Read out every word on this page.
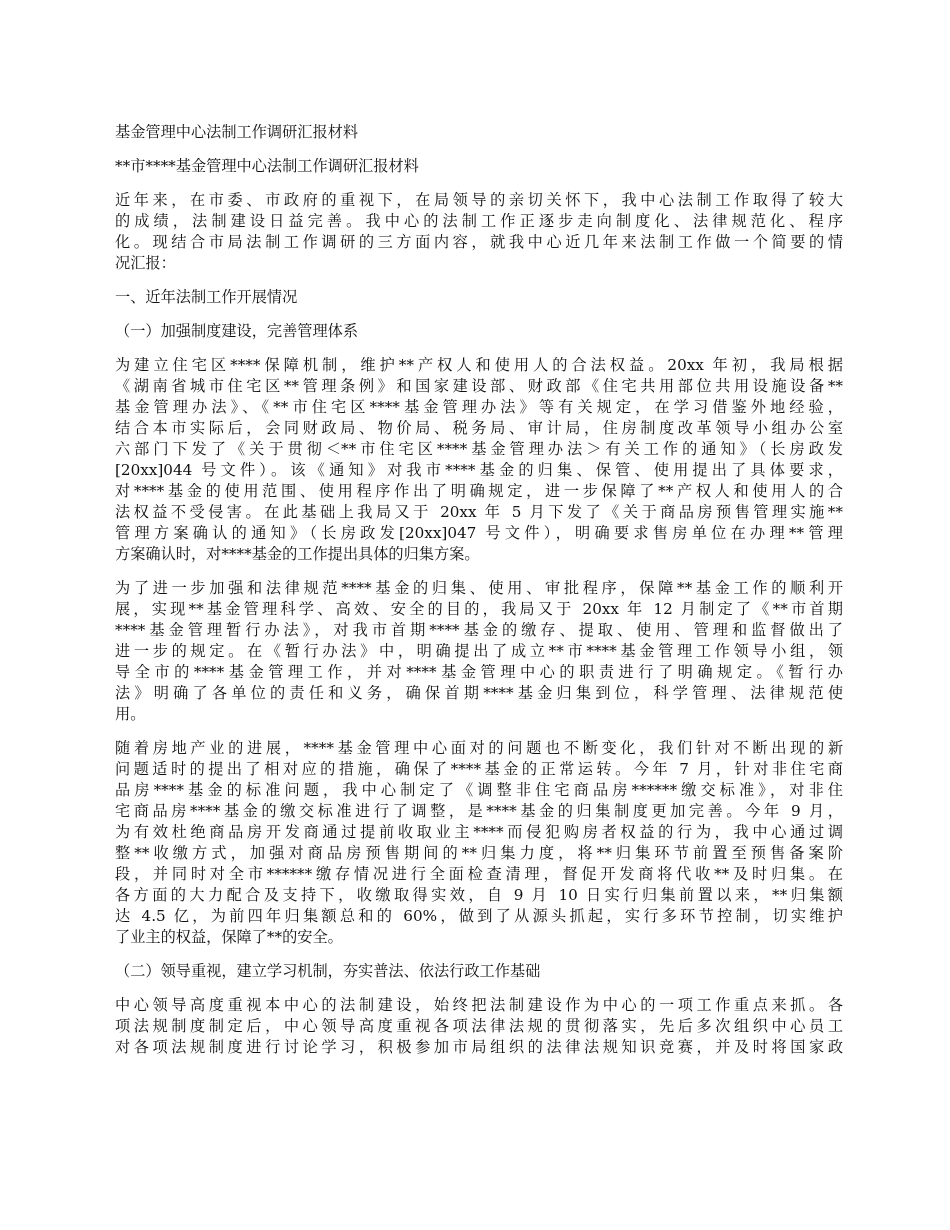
基金管理中心法制工作调研汇报材料
**市****基金管理中心法制工作调研汇报材料
近年来，在市委、市政府的重视下，在局领导的亲切关怀下，我中心法制工作取得了较大
的成绩，法制建设日益完善。我中心的法制工作正逐步走向制度化、法律规范化、程序
化。现结合市局法制工作调研的三方面内容，就我中心近几年来法制工作做一个简要的情
况汇报：
一、近年法制工作开展情况
（一）加强制度建设，完善管理体系
为建立住宅区****保障机制，维护**产权人和使用人的合法权益。20xx 年初，我局根据
《湖南省城市住宅区**管理条例》和国家建设部、财政部《住宅共用部位共用设施设备**
基金管理办法》、《**市住宅区****基金管理办法》等有关规定，在学习借鉴外地经验，
结合本市实际后，会同财政局、物价局、税务局、审计局，住房制度改革领导小组办公室
六部门下发了《关于贯彻＜**市住宅区****基金管理办法＞有关工作的通知》（长房政发
[20xx]044 号文件）。该《通知》对我市****基金的归集、保管、使用提出了具体要求，
对****基金的使用范围、使用程序作出了明确规定，进一步保障了**产权人和使用人的合
法权益不受侵害。在此基础上我局又于 20xx 年 5 月下发了《关于商品房预售管理实施**
管理方案确认的通知》（长房政发[20xx]047 号文件），明确要求售房单位在办理**管理
方案确认时，对****基金的工作提出具体的归集方案。
为了进一步加强和法律规范****基金的归集、使用、审批程序，保障**基金工作的顺利开
展，实现**基金管理科学、高效、安全的目的，我局又于 20xx 年 12 月制定了《**市首期
****基金管理暂行办法》，对我市首期****基金的缴存、提取、使用、管理和监督做出了
进一步的规定。在《暂行办法》中，明确提出了成立**市****基金管理工作领导小组，领
导全市的****基金管理工作，并对****基金管理中心的职责进行了明确规定。《暂行办
法》明确了各单位的责任和义务，确保首期****基金归集到位，科学管理、法律规范使
用。
随着房地产业的进展，****基金管理中心面对的问题也不断变化，我们针对不断出现的新
问题适时的提出了相对应的措施，确保了****基金的正常运转。今年 7 月，针对非住宅商
品房****基金的标准问题，我中心制定了《调整非住宅商品房******缴交标准》，对非住
宅商品房****基金的缴交标准进行了调整，是****基金的归集制度更加完善。今年 9 月，
为有效杜绝商品房开发商通过提前收取业主****而侵犯购房者权益的行为，我中心通过调
整**收缴方式，加强对商品房预售期间的**归集力度，将**归集环节前置至预售备案阶
段，并同时对全市******缴存情况进行全面检查清理，督促开发商将代收**及时归集。在
各方面的大力配合及支持下，收缴取得实效，自 9 月 10 日实行归集前置以来，**归集额
达 4.5 亿，为前四年归集额总和的 60%，做到了从源头抓起，实行多环节控制，切实维护
了业主的权益，保障了**的安全。
（二）领导重视，建立学习机制，夯实普法、依法行政工作基础
中心领导高度重视本中心的法制建设，始终把法制建设作为中心的一项工作重点来抓。各
项法规制度制定后，中心领导高度重视各项法律法规的贯彻落实，先后多次组织中心员工
对各项法规制度进行讨论学习，积极参加市局组织的法律法规知识竞赛，并及时将国家政
